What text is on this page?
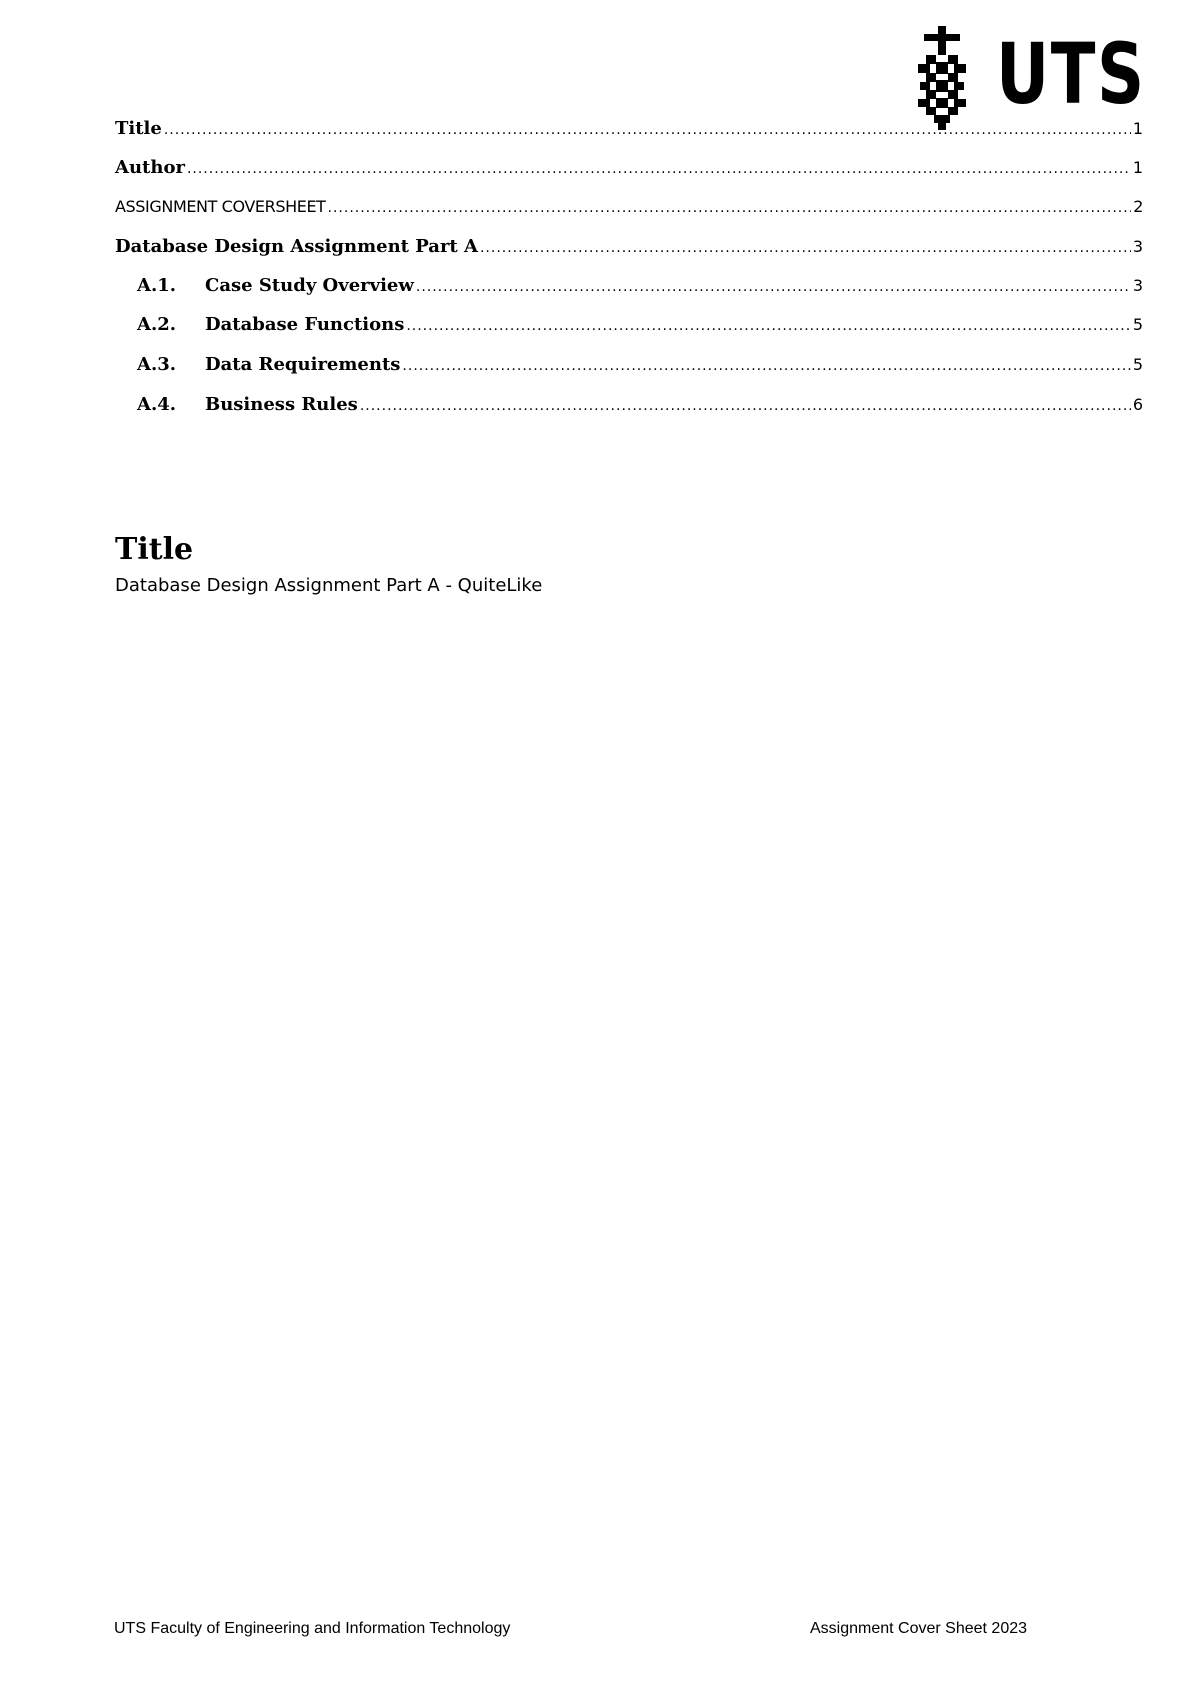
UTS
Title .....	1
Author .....	1
ASSIGNMENT COVERSHEET .....	2
Database Design Assignment Part A .....	3
A.1.	Case Study Overview .....	3
A.2.	Database Functions .....	5
A.3.	Data Requirements .....	5
A.4.	Business Rules .....	6
Title

Database Design Assignment Part A - QuiteLike

UTS Faculty of Engineering and Information Technology	Assignment Cover Sheet 2023
